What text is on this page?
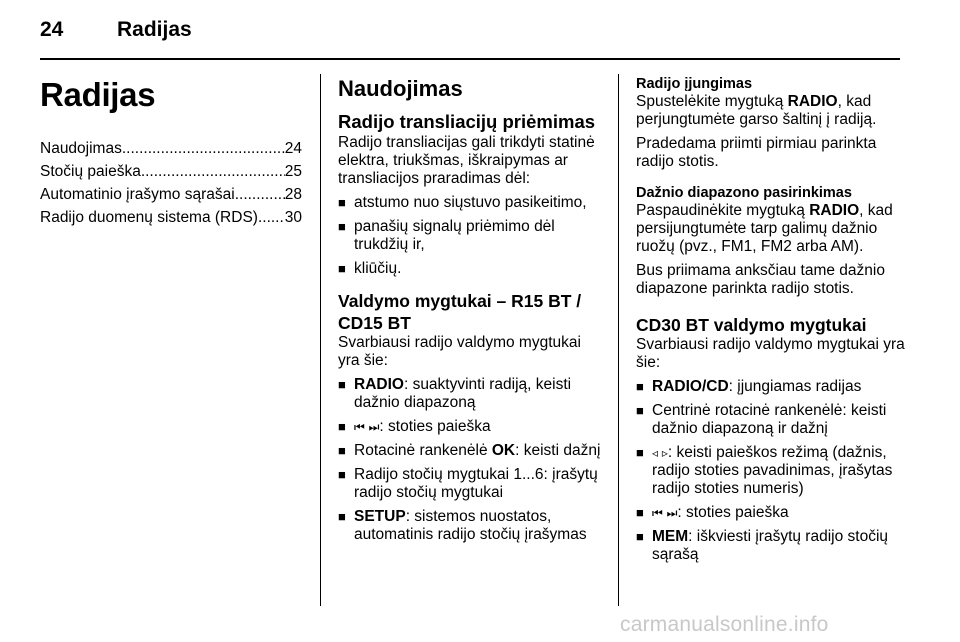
24	Radijas
Radijas
Naudojimas .....	24
Stočių paieška .....	25
Automatinio įrašymo sąrašai .....	28
Radijo duomenų sistema (RDS) ..... 30
Naudojimas
Radijo transliacijų priėmimas

Radijo transliacijas gali trikdyti statinė elektra, triukšmas, iškraipymas ar transliacijos praradimas dėl:

■ atstumo nuo siųstuvo pasikeitimo,
■ panašių signalų priėmimo dėl trukdžių ir,
■ kliūčių.
Valdymo mygtukai – R15 BT / CD15 BT

Svarbiausi radijo valdymo mygtukai yra šie:

■ RADIO: suaktyvinti radiją, keisti dažnio diapazoną
■ ⏮ ⏭: stoties paieška
■ Rotacinė rankenėlė OK: keisti dažnį
■ Radijo stočių mygtukai 1...6: įrašytų radijo stočių mygtukai
■ SETUP: sistemos nuostatos, automatinis radijo stočių įrašymas
Radijo įjungimas

Spustelėkite mygtuką RADIO, kad perjungtumėte garso šaltinį į radiją.

Pradedama priimti pirmiau parinkta radijo stotis.

Dažnio diapazono pasirinkimas

Paspaudinėkite mygtuką RADIO, kad persijungtumėte tarp galimų dažnio ruožų (pvz., FM1, FM2 arba AM).

Bus priimama anksčiau tame dažnio diapazone parinkta radijo stotis.

CD30 BT valdymo mygtukai

Svarbiausi radijo valdymo mygtukai yra šie:

■ RADIO/CD: įjungiamas radijas
■ Centrinė rotacinė rankenėlė: keisti dažnio diapazoną ir dažnį
■ ◃ ▹: keisti paieškos režimą (dažnis, radijo stoties pavadinimas, įrašytas radijo stoties numeris)
■ ⏮ ⏭: stoties paieška
■ MEM: iškviesti įrašytų radijo stočių sąrašą
carmanualsonline.info
